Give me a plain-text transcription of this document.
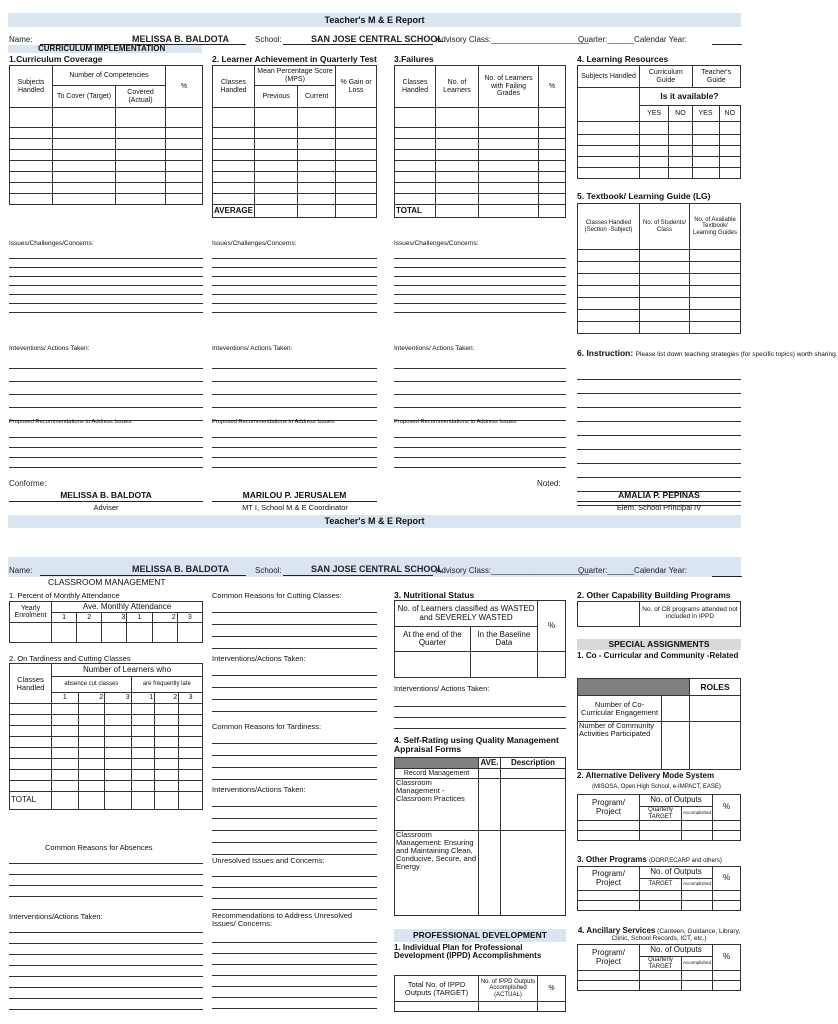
Teacher's M & E Report
Name:	MELISSA B. BALDOTA	School:	SAN JOSE CENTRAL SCHOOL
Advisory Class:______________________
Quarter:______Calendar Year:
CURRICULUM IMPLEMENTATION
1.Curriculum Coverage
Subjects Handled	Number of Competencies		%
	To Cover (Target)	Covered (Actual)	

2. Learner Achievement in Quarterly Test
Classes Handled	Mean Percentage Score (MPS)		% Gain or Loss
	Previous	Current	

AVERAGE			
3.Failures
Classes Handled	No. of Learners	No. of Learners with Failing Grades	%

TOTAL			
4. Learning Resources
Subjects Handled	Curriculum Guide		Teacher's Guide	
	Is it available?			
	YES	NO	YES	NO

5. Textbook/ Learning Guide (LG)
Classes Handled (Section -Subject)	No. of Students/ Class	No. of Available Textbook/ Learning Guides

6. Instruction: Please list down teaching strategies (for specific topics) worth sharing.
Issues/Challenges/Concerns:	Issues/Challenges/Concerns:	Issues/Challenges/Concerns:
Inteventions/ Actions Taken:	Inteventions/ Actions Taken:	Inteventions/ Actions Taken:
Proposed Recommendations to Address Issues:	Proposed Recommendations to Address Issues:	Proposed Recommendations to Address Issues:
Conforme:	Noted:
MELISSA B. BALDOTA
Adviser
MARILOU P. JERUSALEM
MT I, School M & E Coordinator
AMALIA P. PEPINAS
Elem. School Principal IV
Teacher's M & E Report
Name:	MELISSA B. BALDOTA	School:	SAN JOSE CENTRAL SCHOOL
Advisory Class:______________________
Quarter:______Calendar Year:
CLASSROOM MANAGEMENT
1. Percent of Monthly Attendance
Yearly Enrolment	Ave. Monthly Attendance					
	1	2	3	1	2	3

2. On Tardiness and Cutting Classes
Classes Handled	Number of Learners who					
	absence cut classes			are frequently late		
	1	2	3	1	2	3

TOTAL						
Common Reasons for Absences
Interventions/Actions Taken:
Common Reasons for Cutting Classes:
Interventions/Actions Taken:
Common Reasons for Tardiness:
Interventions/Actions Taken:
Unresolved Issues and Concerns:
Recommendations to Address Unresolved Issues/ Concerns:
3. Nutritional Status
No. of Learners classified as WASTED and SEVERELY WASTED		%
At the end of the Quarter	In the Baseline Data	

Interventions/ Actions Taken:
4. Self-Rating using Quality Management Appraisal Forms
	AVE.	Description
Record Management		
Classroom Management - Classroom Practices		
Classroom Management: Ensuring and Maintaining Clean, Conducive, Secure, and Energy		
PROFESSIONAL DEVELOPMENT
1. Individual Plan for Professional Development (IPPD) Accomplishments
Total No. of IPPD Outputs (TARGET)	No. of IPPD Outputs Accomplished (ACTUAL)	%

2. Other Capability Building Programs
	No. of CB programs attended not included in IPPD
SPECIAL ASSIGNMENTS
1. Co - Curricular and Community -Related
		ROLES
Number of Co-Curricular Engagement		
Number of Community Activities Participated		
2. Alternative Delivery Mode System
(MISOSA, Open High School, e-IMPACT, EASE)
Program/ Project	No. of Outputs		%
	Quarterly TARGET	Accomplished	

3. Other Programs (DORP,ECARP and others)
Program/ Project	No. of Outputs		%
	TARGET	Accomplished	

4. Ancillary Services (Canteen, Guidance, Library, Clinic, School Records, ICT, etc.)
Program/ Project	No. of Outputs		%
	Quarterly TARGET	Accomplished	
